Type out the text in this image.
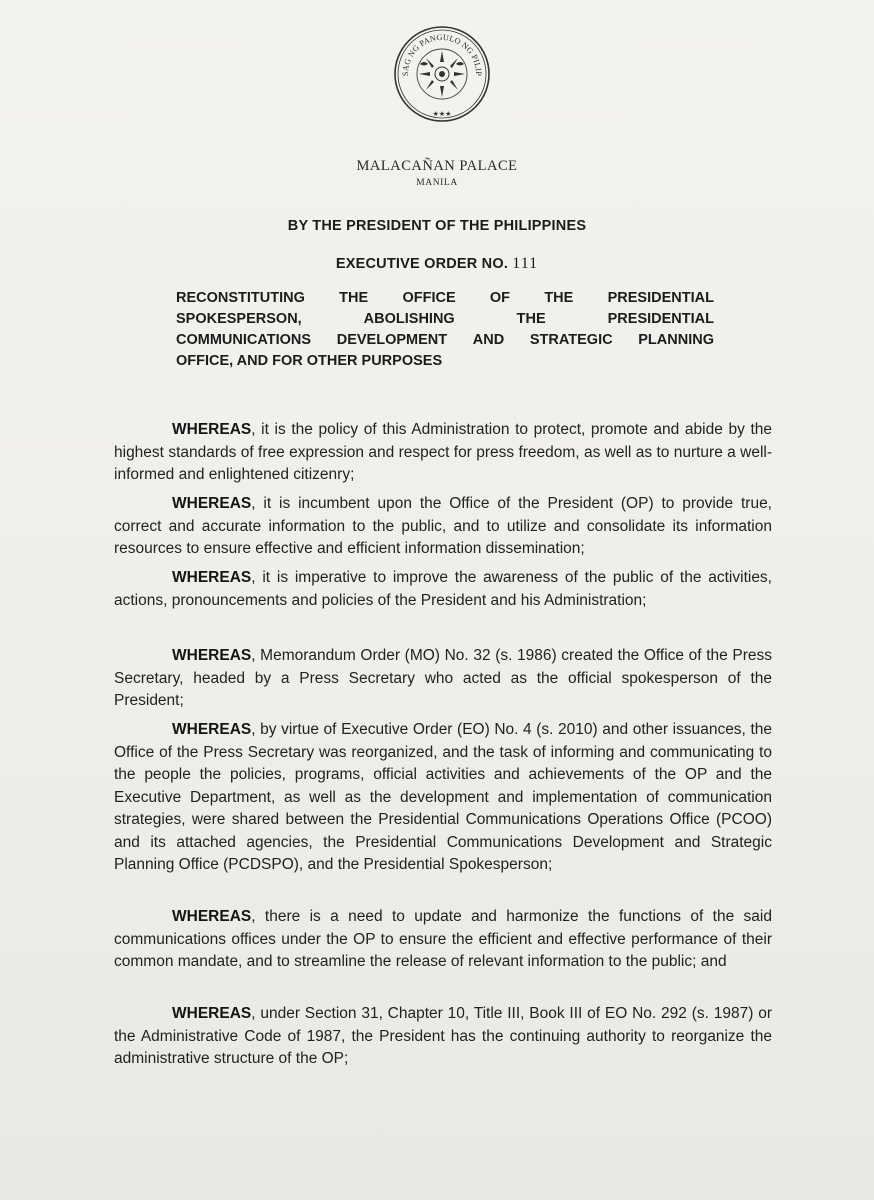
SAG NG PANGULO NG PILIP
★★★
MALACAÑAN PALACE
MANILA
BY THE PRESIDENT OF THE PHILIPPINES
EXECUTIVE ORDER NO. 111
RECONSTITUTING THE OFFICE OF THE PRESIDENTIAL
SPOKESPERSON,	ABOLISHING	THE	PRESIDENTIAL
COMMUNICATIONS DEVELOPMENT AND STRATEGIC PLANNING
OFFICE, AND FOR OTHER PURPOSES
WHEREAS, it is the policy of this Administration to protect, promote and abide by the highest standards of free expression and respect for press freedom, as well as to nurture a well-informed and enlightened citizenry;
WHEREAS, it is incumbent upon the Office of the President (OP) to provide true, correct and accurate information to the public, and to utilize and consolidate its information resources to ensure effective and efficient information dissemination;
WHEREAS, it is imperative to improve the awareness of the public of the activities, actions, pronouncements and policies of the President and his Administration;
WHEREAS, Memorandum Order (MO) No. 32 (s. 1986) created the Office of the Press Secretary, headed by a Press Secretary who acted as the official spokesperson of the President;
WHEREAS, by virtue of Executive Order (EO) No. 4 (s. 2010) and other issuances, the Office of the Press Secretary was reorganized, and the task of informing and communicating to the people the policies, programs, official activities and achievements of the OP and the Executive Department, as well as the development and implementation of communication strategies, were shared between the Presidential Communications Operations Office (PCOO) and its attached agencies, the Presidential Communications Development and Strategic Planning Office (PCDSPO), and the Presidential Spokesperson;
WHEREAS, there is a need to update and harmonize the functions of the said communications offices under the OP to ensure the efficient and effective performance of their common mandate, and to streamline the release of relevant information to the public; and
WHEREAS, under Section 31, Chapter 10, Title III, Book III of EO No. 292 (s. 1987) or the Administrative Code of 1987, the President has the continuing authority to reorganize the administrative structure of the OP;
